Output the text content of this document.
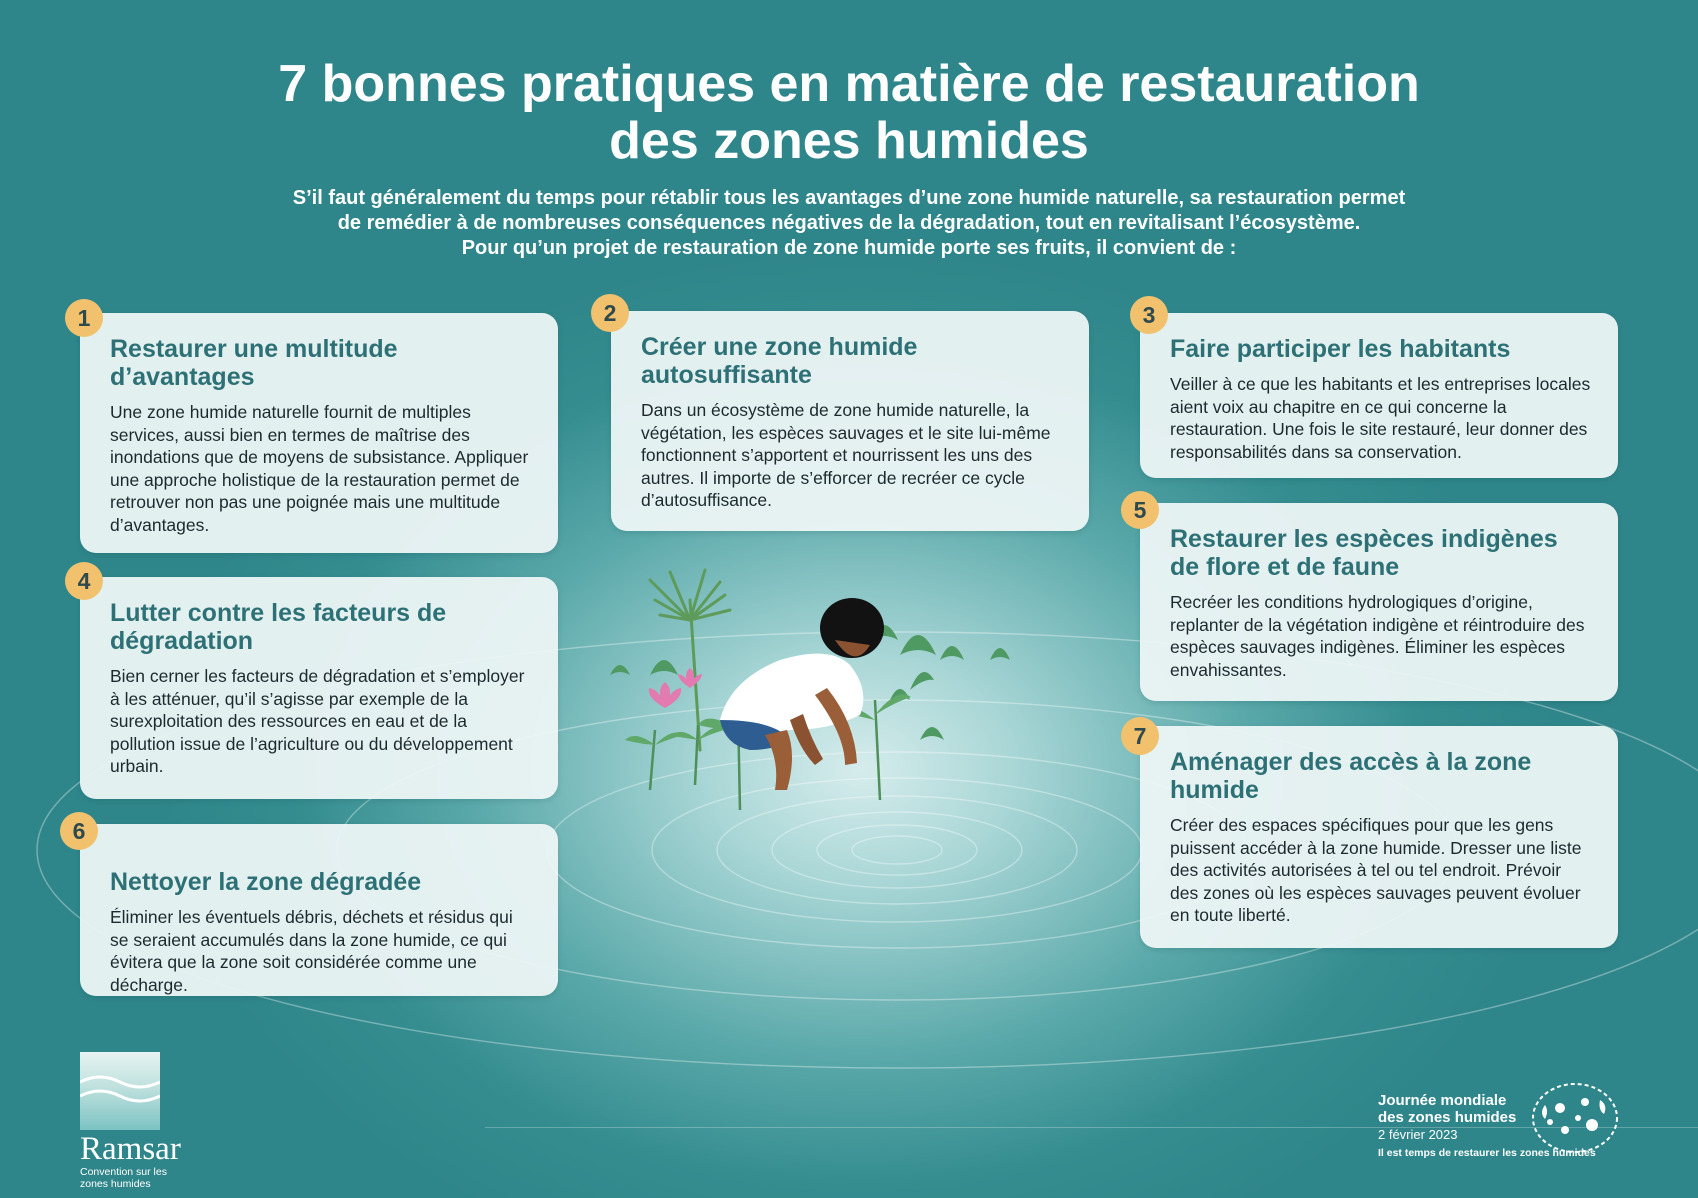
7 bonnes pratiques en matière de restauration
des zones humides

S’il faut généralement du temps pour rétablir tous les avantages d’une zone humide naturelle, sa restauration permet
de remédier à de nombreuses conséquences négatives de la dégradation, tout en revitalisant l’écosystème.
Pour qu’un projet de restauration de zone humide porte ses fruits, il convient de :

Restaurer une multitude d’avantages

Une zone humide naturelle fournit de multiples services, aussi bien en termes de maîtrise des inondations que de moyens de subsistance. Appliquer une approche holistique de la restauration permet de retrouver non pas une poignée mais une multitude d’avantages.

1
Créer une zone humide autosuffisante

Dans un écosystème de zone humide naturelle, la végétation, les espèces sauvages et le site lui-même fonctionnent s’apportent et nourrissent les uns des autres. Il importe de s’efforcer de recréer ce cycle d’autosuffisance.

2
Faire participer les habitants

Veiller à ce que les habitants et les entreprises locales aient voix au chapitre en ce qui concerne la restauration. Une fois le site restauré, leur donner des responsabilités dans sa conservation.

3
Lutter contre les facteurs de dégradation

Bien cerner les facteurs de dégradation et s’employer à les atténuer, qu’il s’agisse par exemple de la surexploitation des ressources en eau et de la pollution issue de l’agriculture ou du développement urbain.

4
Restaurer les espèces indigènes de flore et de faune

Recréer les conditions hydrologiques d’origine, replanter de la végétation indigène et réintroduire des espèces sauvages indigènes. Éliminer les espèces envahissantes.

5
Nettoyer la zone dégradée

Éliminer les éventuels débris, déchets et résidus qui se seraient accumulés dans la zone humide, ce qui évitera que la zone soit considérée comme une décharge.

6
Aménager des accès à la zone humide

Créer des espaces spécifiques pour que les gens puissent accéder à la zone humide. Dresser une liste des activités autorisées à tel ou tel endroit. Prévoir des zones où les espèces sauvages peuvent évoluer en toute liberté.

7
Ramsar
Convention sur les
zones humides
Journée mondiale
des zones humides
2 février 2023
Il est temps de restaurer les zones humides
